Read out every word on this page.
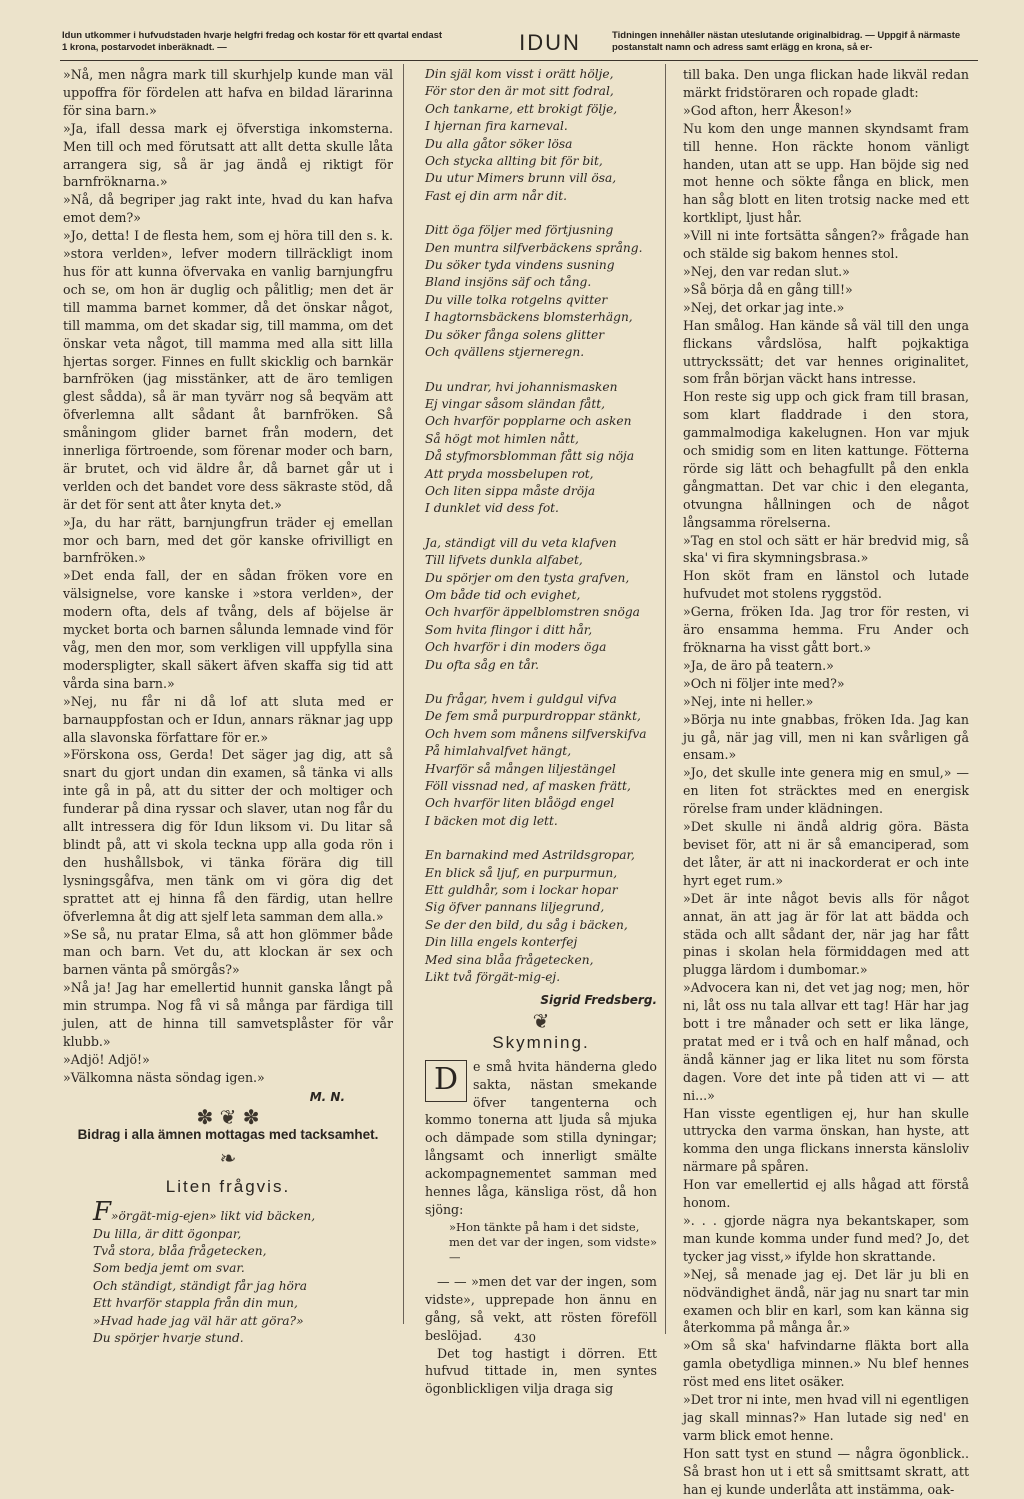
Idun utkommer i hufvudstaden hvarje helgfri fredag och kostar för ett qvartal endast 1 krona, postarvodet inberäknadt. —	IDUN	Tidningen innehåller nästan uteslutande originalbidrag. — Uppgif å närmaste postanstalt namn och adress samt erlägg en krona, så er-

»Nå, men några mark till skurhjelp kunde man väl uppoffra för fördelen att hafva en bildad lärarinna för sina barn.»

»Ja, ifall dessa mark ej öfverstiga inkomsterna. Men till och med förutsatt att allt detta skulle låta arrangera sig, så är jag ändå ej riktigt för barnfröknarna.»

»Nå, då begriper jag rakt inte, hvad du kan hafva emot dem?»

»Jo, detta! I de flesta hem, som ej höra till den s. k. »stora verlden», lefver modern tillräckligt inom hus för att kunna öfvervaka en vanlig barnjungfru och se, om hon är duglig och pålitlig; men det är till mamma barnet kommer, då det önskar något, till mamma, om det skadar sig, till mamma, om det önskar veta något, till mamma med alla sitt lilla hjertas sorger. Finnes en fullt skicklig och barnkär barnfröken (jag misstänker, att de äro temligen glest sådda), så är man tyvärr nog så beqväm att öfverlemna allt sådant åt barnfröken. Så småningom glider barnet från modern, det innerliga förtroende, som förenar moder och barn, är brutet, och vid äldre år, då barnet går ut i verlden och det bandet vore dess säkraste stöd, då är det för sent att åter knyta det.»

»Ja, du har rätt, barnjungfrun träder ej emellan mor och barn, med det gör kanske ofrivilligt en barnfröken.»

»Det enda fall, der en sådan fröken vore en välsignelse, vore kanske i »stora verlden», der modern ofta, dels af tvång, dels af böjelse är mycket borta och barnen sålunda lemnade vind för våg, men den mor, som verkligen vill uppfylla sina moderspligter, skall säkert äfven skaffa sig tid att vårda sina barn.»

»Nej, nu får ni då lof att sluta med er barnauppfostan och er Idun, annars räknar jag upp alla slavonska författare för er.»

»Förskona oss, Gerda! Det säger jag dig, att så snart du gjort undan din examen, så tänka vi alls inte gå in på, att du sitter der och moltiger och funderar på dina ryssar och slaver, utan nog får du allt intressera dig för Idun liksom vi. Du litar så blindt på, att vi skola teckna upp alla goda rön i den hushållsbok, vi tänka förära dig till lysningsgåfva, men tänk om vi göra dig det sprattet att ej hinna få den färdig, utan hellre öfverlemna åt dig att sjelf leta samman dem alla.»

»Se så, nu pratar Elma, så att hon glömmer både man och barn. Vet du, att klockan är sex och barnen vänta på smörgås?»

»Nå ja! Jag har emellertid hunnit ganska långt på min strumpa. Nog få vi så många par färdiga till julen, att de hinna till samvetsplåster för vår klubb.»

»Adjö! Adjö!»

»Välkomna nästa söndag igen.»

M. N.
✽ ❦ ✽
Bidrag i alla ämnen mottagas med tacksamhet.
❧
Liten frågvis.
F»örgät-mig-ejen» likt vid bäcken,
Du lilla, är ditt ögonpar,
Två stora, blåa frågetecken,
Som bedja jemt om svar.
Och ständigt, ständigt får jag höra
Ett hvarför stappla från din mun,
»Hvad hade jag väl här att göra?»
Du spörjer hvarje stund.
Din själ kom visst i orätt hölje,
För stor den är mot sitt fodral,
Och tankarne, ett brokigt följe,
I hjernan fira karneval.
Du alla gåtor söker lösa
Och stycka allting bit för bit,
Du utur Mimers brunn vill ösa,
Fast ej din arm når dit.
Ditt öga följer med förtjusning
Den muntra silfverbäckens språng.
Du söker tyda vindens susning
Bland insjöns säf och tång.
Du ville tolka rotgelns qvitter
I hagtornsbäckens blomsterhägn,
Du söker fånga solens glitter
Och qvällens stjerneregn.
Du undrar, hvi johannismasken
Ej vingar såsom sländan fått,
Och hvarför popplarne och asken
Så högt mot himlen nått,
Då styfmorsblomman fått sig nöja
Att pryda mossbelupen rot,
Och liten sippa måste dröja
I dunklet vid dess fot.
Ja, ständigt vill du veta klafven
Till lifvets dunkla alfabet,
Du spörjer om den tysta grafven,
Om både tid och evighet,
Och hvarför äppelblomstren snöga
Som hvita flingor i ditt hår,
Och hvarför i din moders öga
Du ofta såg en tår.
Du frågar, hvem i guldgul vifva
De fem små purpurdroppar stänkt,
Och hvem som månens silfverskifva
På himlahvalfvet hängt,
Hvarför så mången liljestängel
Föll vissnad ned, af masken frätt,
Och hvarför liten blåögd engel
I bäcken mot dig lett.
En barnakind med Astrildsgropar,
En blick så ljuf, en purpurmun,
Ett guldhår, som i lockar hopar
Sig öfver pannans liljegrund,
Se der den bild, du såg i bäcken,
Din lilla engels konterfej
Med sina blåa frågetecken,
Likt två förgät-mig-ej.
Sigrid Fredsberg.
❦
Skymning.
D	e små hvita händerna gledo sakta, nästan smekande öfver tangenterna och kommo tonerna att ljuda så mjuka och dämpade som stilla dyningar; långsamt och innerligt smälte ackompagnementet samman med hennes låga, känsliga röst, då hon sjöng:
»Hon tänkte på ham i det sidste,
men det var der ingen, som vidste» —

— — »men det var der ingen, som vidste», upprepade hon ännu en gång, så vekt, att rösten föreföll beslöjad.

Det tog hastigt i dörren. Ett hufvud tittade in, men syntes ögonblickligen vilja draga sig

till baka. Den unga flickan hade likväl redan märkt fridstöraren och ropade gladt:

»God afton, herr Åkeson!»

Nu kom den unge mannen skyndsamt fram till henne. Hon räckte honom vänligt handen, utan att se upp. Han böjde sig ned mot henne och sökte fånga en blick, men han såg blott en liten trotsig nacke med ett kortklipt, ljust hår.

»Vill ni inte fortsätta sången?» frågade han och stälde sig bakom hennes stol.

»Nej, den var redan slut.»

»Så börja då en gång till!»

»Nej, det orkar jag inte.»

Han smålog. Han kände så väl till den unga flickans vårdslösa, halft pojkaktiga uttryckssätt; det var hennes originalitet, som från början väckt hans intresse.

Hon reste sig upp och gick fram till brasan, som klart fladdrade i den stora, gammalmodiga kakelugnen. Hon var mjuk och smidig som en liten kattunge. Fötterna rörde sig lätt och behagfullt på den enkla gångmattan. Det var chic i den eleganta, otvungna hållningen och de något långsamma rörelserna.

»Tag en stol och sätt er här bredvid mig, så ska' vi fira skymningsbrasa.»

Hon sköt fram en länstol och lutade hufvudet mot stolens ryggstöd.

»Gerna, fröken Ida. Jag tror för resten, vi äro ensamma hemma. Fru Ander och fröknarna ha visst gått bort.»

»Ja, de äro på teatern.»

»Och ni följer inte med?»

»Nej, inte ni heller.»

»Börja nu inte gnabbas, fröken Ida. Jag kan ju gå, när jag vill, men ni kan svårligen gå ensam.»

»Jo, det skulle inte genera mig en smul,» — en liten fot sträcktes med en energisk rörelse fram under klädningen.

»Det skulle ni ändå aldrig göra. Bästa beviset för, att ni är så emanciperad, som det låter, är att ni inackorderat er och inte hyrt eget rum.»

»Det är inte något bevis alls för något annat, än att jag är för lat att bädda och städa och allt sådant der, när jag har fått pinas i skolan hela förmiddagen med att plugga lärdom i dumbomar.»

»Advocera kan ni, det vet jag nog; men, hör ni, låt oss nu tala allvar ett tag! Här har jag bott i tre månader och sett er lika länge, pratat med er i två och en half månad, och ändå känner jag er lika litet nu som första dagen. Vore det inte på tiden att vi — att ni...»

Han visste egentligen ej, hur han skulle uttrycka den varma önskan, han hyste, att komma den unga flickans innersta känsloliv närmare på spåren.

Hon var emellertid ej alls hågad att förstå honom.

». . . gjorde nägra nya bekantskaper, som man kunde komma under fund med? Jo, det tycker jag visst,» ifylde hon skrattande.

»Nej, så menade jag ej. Det lär ju bli en nödvändighet ändå, när jag nu snart tar min examen och blir en karl, som kan känna sig återkomma på många år.»

»Om så ska' hafvindarne fläkta bort alla gamla obetydliga minnen.» Nu blef hennes röst med ens litet osäker.

»Det tror ni inte, men hvad vill ni egentligen jag skall minnas?» Han lutade sig ned' en varm blick emot henne.

Hon satt tyst en stund — några ögonblick.. Så brast hon ut i ett så smittsamt skratt, att han ej kunde underlåta att instämma, oak-

430
